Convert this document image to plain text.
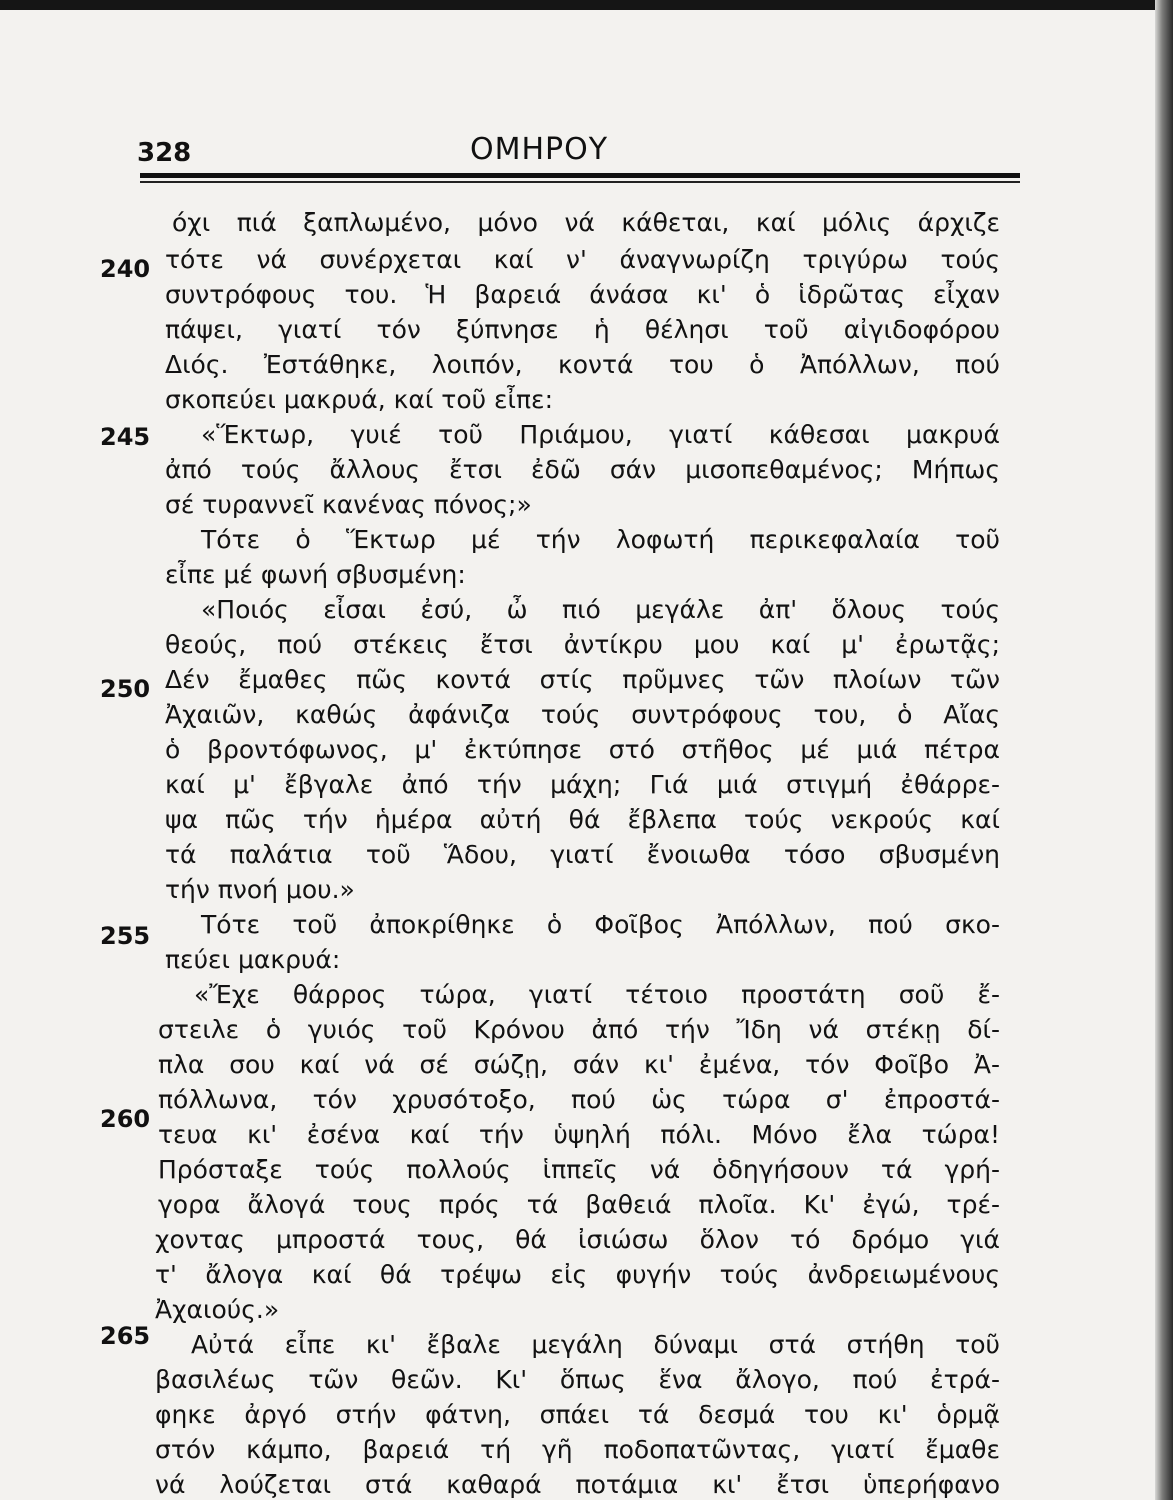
328	ΟΜΗΡΟΥ
240
245
250
255
260
265
όχι πιά ξαπλωμένο, μόνο νά κάθεται, καί μόλις άρχιζε
τότε νά συνέρχεται καί ν' άναγνωρίζη τριγύρω τούς
συντρόφους του. Ἡ βαρειά άνάσα κι' ὁ ἱδρῶτας εἶχαν
πάψει, γιατί τόν ξύπνησε ἡ θέλησι τοῦ αἰγιδοφόρου
Διός. Ἐστάθηκε, λοιπόν, κοντά του ὁ Ἀπόλλων, πού
σκοπεύει μακρυά, καί τοῦ εἶπε:
«Ἕκτωρ, γυιέ τοῦ Πριάμου, γιατί κάθεσαι μακρυά
ἀπό τούς ἄλλους ἔτσι ἐδῶ σάν μισοπεθαμένος; Μήπως
σέ τυραννεῖ κανένας πόνος;»
Τότε ὁ Ἕκτωρ μέ τήν λοφωτή περικεφαλαία τοῦ
εἶπε μέ φωνή σβυσμένη:
«Ποιός εἶσαι ἐσύ, ὦ πιό μεγάλε ἀπ' ὅλους τούς
θεούς, πού στέκεις ἔτσι ἀντίκρυ μου καί μ' ἐρωτᾷς;
Δέν ἔμαθες πῶς κοντά στίς πρῦμνες τῶν πλοίων τῶν
Ἀχαιῶν, καθώς ἀφάνιζα τούς συντρόφους του, ὁ Αἴας
ὁ βροντόφωνος, μ' ἐκτύπησε στό στῆθος μέ μιά πέτρα
καί μ' ἔβγαλε ἀπό τήν μάχη; Γιά μιά στιγμή ἐθάρρε-
ψα πῶς τήν ἡμέρα αὐτή θά ἔβλεπα τούς νεκρούς καί
τά παλάτια τοῦ Ἅδου, γιατί ἔνοιωθα τόσο σβυσμένη
τήν πνοή μου.»
Τότε τοῦ ἀποκρίθηκε ὁ Φοῖβος Ἀπόλλων, πού σκο-
πεύει μακρυά:
«Ἔχε θάρρος τώρα, γιατί τέτοιο προστάτη σοῦ ἔ-
στειλε ὁ γυιός τοῦ Κρόνου ἀπό τήν Ἴδη νά στέκῃ δί-
πλα σου καί νά σέ σώζῃ, σάν κι' ἐμένα, τόν Φοῖβο Ἀ-
πόλλωνα, τόν χρυσότοξο, πού ὡς τώρα σ' ἐπροστά-
τευα κι' ἐσένα καί τήν ὑψηλή πόλι. Μόνο ἔλα τώρα!
Πρόσταξε τούς πολλούς ἱππεῖς νά ὁδηγήσουν τά γρή-
γορα ἄλογά τους πρός τά βαθειά πλοῖα. Κι' ἐγώ, τρέ-
χοντας μπροστά τους, θά ἰσιώσω ὅλον τό δρόμο γιά
τ' ἄλογα καί θά τρέψω εἰς φυγήν τούς ἀνδρειωμένους
Ἀχαιούς.»
Αὐτά εἶπε κι' ἔβαλε μεγάλη δύναμι στά στήθη τοῦ
βασιλέως τῶν θεῶν. Κι' ὅπως ἕνα ἄλογο, πού ἐτρά-
φηκε ἀργό στήν φάτνη, σπάει τά δεσμά του κι' ὁρμᾷ
στόν κάμπο, βαρειά τή γῆ ποδοπατῶντας, γιατί ἔμαθε
νά λούζεται στά καθαρά ποτάμια κι' ἔτσι ὑπερήφανο
